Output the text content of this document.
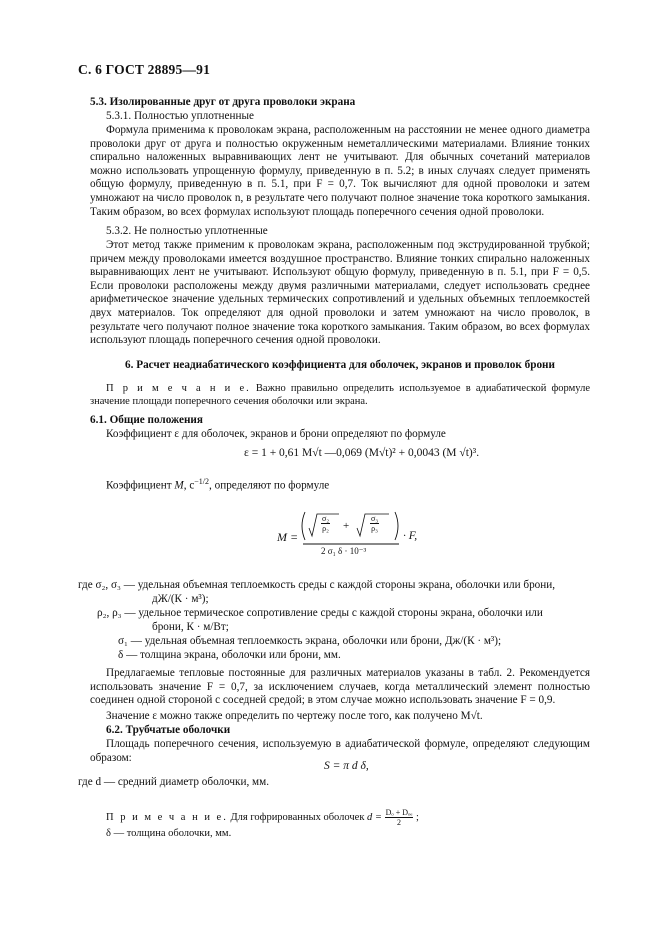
С. 6 ГОСТ 28895—91
5.3. Изолированные друг от друга проволоки экрана
5.3.1. Полностью уплотненные
Формула применима к проволокам экрана, расположенным на расстоянии не менее одного диаметра проволоки друг от друга и полностью окруженным неметаллическими материалами. Влияние тонких спирально наложенных выравнивающих лент не учитывают. Для обычных сочетаний материалов можно использовать упрощенную формулу, приведенную в п. 5.2; в иных случаях следует применять общую формулу, приведенную в п. 5.1, при F = 0,7. Ток вычисляют для одной проволоки и затем умножают на число проволок n, в результате чего получают полное значение тока короткого замыкания. Таким образом, во всех формулах используют площадь поперечного сечения одной проволоки.
5.3.2. Не полностью уплотненные
Этот метод также применим к проволокам экрана, расположенным под экструдированной трубкой; причем между проволоками имеется воздушное пространство. Влияние тонких спирально наложенных выравнивающих лент не учитывают. Используют общую формулу, приведенную в п. 5.1, при F = 0,5. Если проволоки расположены между двумя различными материалами, следует использовать среднее арифметическое значение удельных термических сопротивлений и удельных объемных теплоемкостей двух материалов. Ток определяют для одной проволоки и затем умножают на число проволок, в результате чего получают полное значение тока короткого замыкания. Таким образом, во всех формулах используют площадь поперечного сечения одной проволоки.
6. Расчет неадиабатического коэффициента для оболочек, экранов и проволок брони
П р и м е ч а н и е. Важно правильно определить используемое в адиабатической формуле значение площади поперечного сечения оболочки или экрана.
6.1. Общие положения
Коэффициент ε для оболочек, экранов и брони определяют по формуле
ε = 1 + 0,61 M√t —0,069 (M√t)² + 0,0043 (M √t)³.
Коэффициент M, $с^{-1/2}$, определяют по формуле
M =
$\frac{\text{σ₂}}{\text{ρ₂}}$ +	$\frac{\text{σ₃}}{\text{ρ₃}}$
2 σ₁ δ · 10⁻³
· F,
где σ₂, σ₃ — удельная объемная теплоемкость среды с каждой стороны экрана, оболочки или брони,
дЖ/(К · м³);
ρ₂, ρ₃ — удельное термическое сопротивление среды с каждой стороны экрана, оболочки или
брони, К · м/Вт;
σ₁ — удельная объемная теплоемкость экрана, оболочки или брони, Дж/(К · м³);
δ — толщина экрана, оболочки или брони, мм.
Предлагаемые тепловые постоянные для различных материалов указаны в табл. 2. Рекомендуется использовать значение F = 0,7, за исключением случаев, когда металлический элемент полностью соединен одной стороной с соседней средой; в этом случае можно использовать значение F = 0,9.
Значение ε можно также определить по чертежу после того, как получено M√t.
6.2. Трубчатые оболочки
Площадь поперечного сечения, используемую в адиабатической формуле, определяют следующим образом:
S = π d δ,
где d — средний диаметр оболочки, мм.
П р и м е ч а н и е. Для гофрированных оболочек $d = \frac{\text{Dₒ + Dₒₑ}}{2}$ ;
δ — толщина оболочки, мм.
